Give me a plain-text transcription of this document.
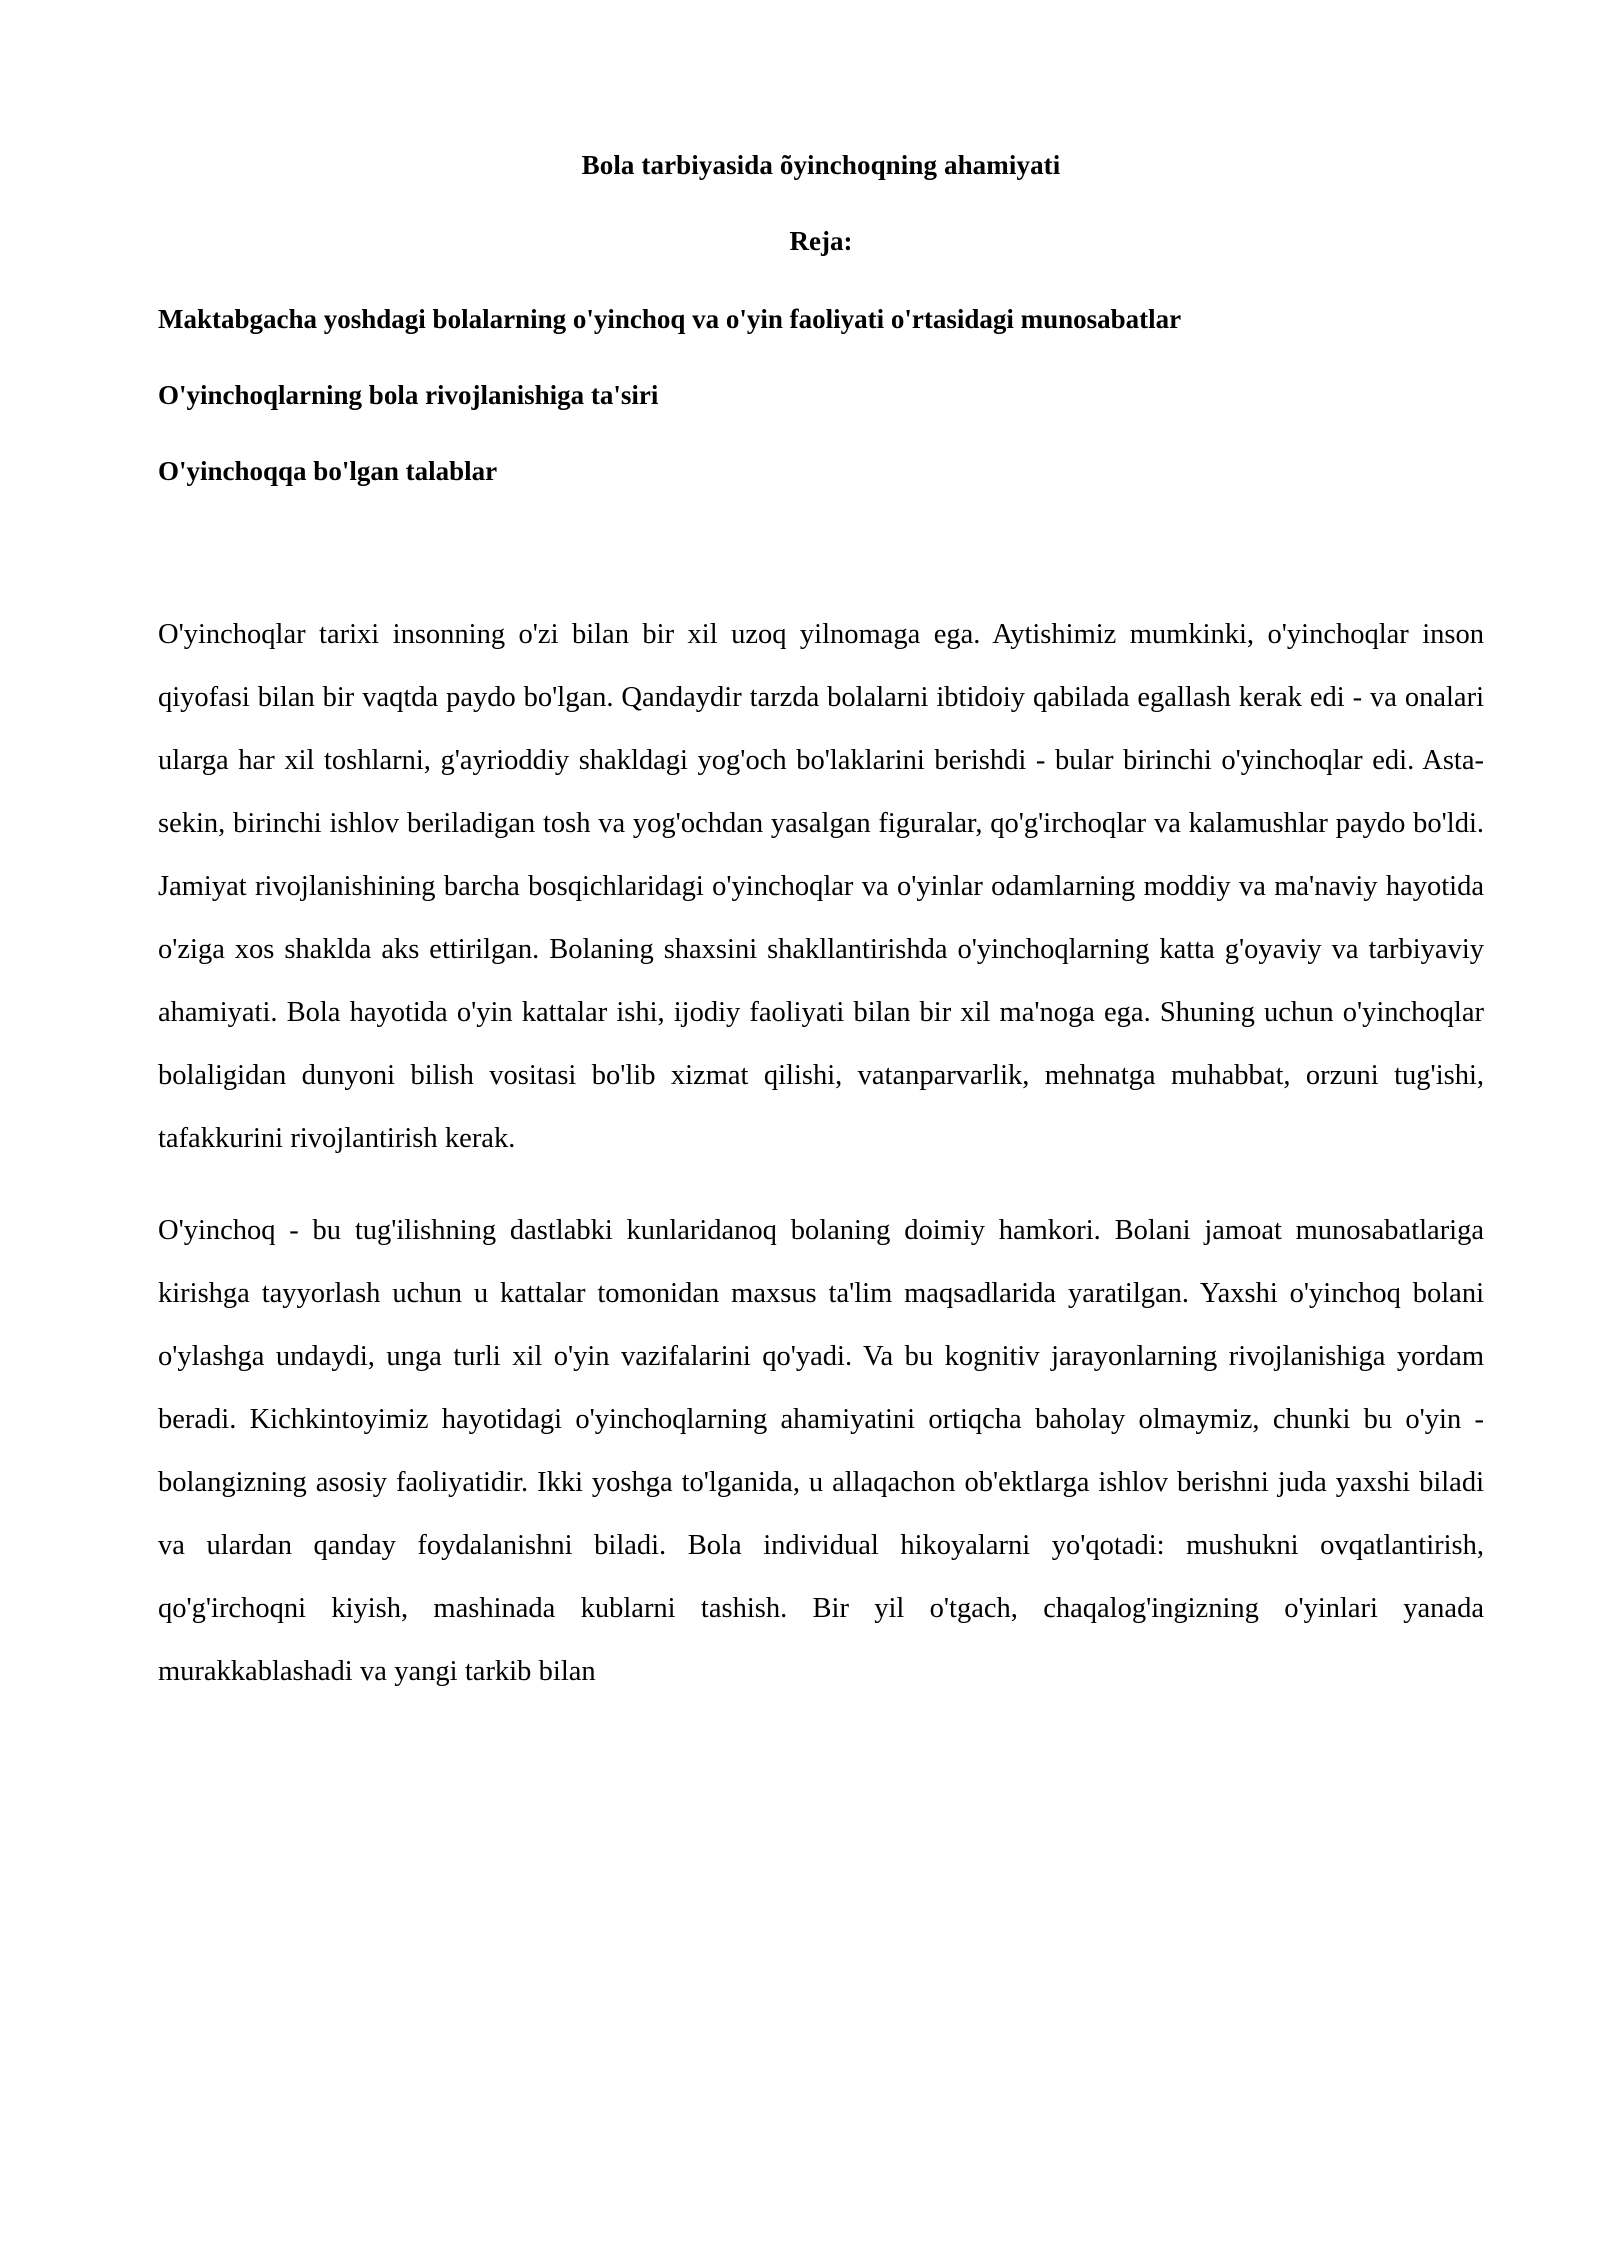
Bola tarbiyasida õyinchoqning ahamiyati
Reja:
Maktabgacha yoshdagi bolalarning o'yinchoq va o'yin faoliyati o'rtasidagi munosabatlar
O'yinchoqlarning bola rivojlanishiga ta'siri
O'yinchoqqa bo'lgan talablar

O'yinchoqlar tarixi insonning o'zi bilan bir xil uzoq yilnomaga ega. Aytishimiz mumkinki, o'yinchoqlar inson qiyofasi bilan bir vaqtda paydo bo'lgan. Qandaydir tarzda bolalarni ibtidoiy qabilada egallash kerak edi - va onalari ularga har xil toshlarni, g'ayrioddiy shakldagi yog'och bo'laklarini berishdi - bular birinchi o'yinchoqlar edi. Asta-sekin, birinchi ishlov beriladigan tosh va yog'ochdan yasalgan figuralar, qo'g'irchoqlar va kalamushlar paydo bo'ldi. Jamiyat rivojlanishining barcha bosqichlaridagi o'yinchoqlar va o'yinlar odamlarning moddiy va ma'naviy hayotida o'ziga xos shaklda aks ettirilgan. Bolaning shaxsini shakllantirishda o'yinchoqlarning katta g'oyaviy va tarbiyaviy ahamiyati. Bola hayotida o'yin kattalar ishi, ijodiy faoliyati bilan bir xil ma'noga ega. Shuning uchun o'yinchoqlar bolaligidan dunyoni bilish vositasi bo'lib xizmat qilishi, vatanparvarlik, mehnatga muhabbat, orzuni tug'ishi, tafakkurini rivojlantirish kerak.

O'yinchoq - bu tug'ilishning dastlabki kunlaridanoq bolaning doimiy hamkori. Bolani jamoat munosabatlariga kirishga tayyorlash uchun u kattalar tomonidan maxsus ta'lim maqsadlarida yaratilgan. Yaxshi o'yinchoq bolani o'ylashga undaydi, unga turli xil o'yin vazifalarini qo'yadi. Va bu kognitiv jarayonlarning rivojlanishiga yordam beradi. Kichkintoyimiz hayotidagi o'yinchoqlarning ahamiyatini ortiqcha baholay olmaymiz, chunki bu o'yin - bolangizning asosiy faoliyatidir. Ikki yoshga to'lganida, u allaqachon ob'ektlarga ishlov berishni juda yaxshi biladi va ulardan qanday foydalanishni biladi. Bola individual hikoyalarni yo'qotadi: mushukni ovqatlantirish, qo'g'irchoqni kiyish, mashinada kublarni tashish. Bir yil o'tgach, chaqalog'ingizning o'yinlari yanada murakkablashadi va yangi tarkib bilan
